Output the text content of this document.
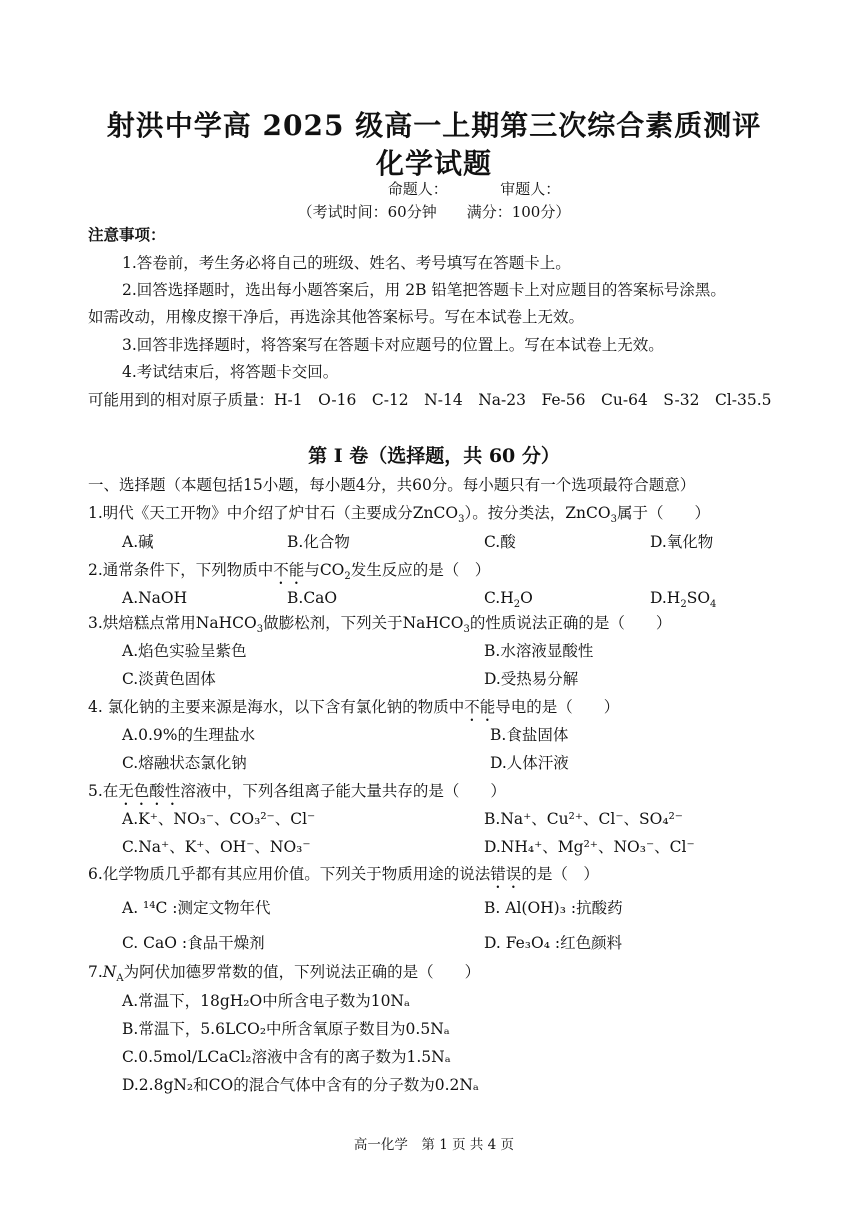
射洪中学高 2025 级高一上期第三次综合素质测评
化学试题
命题人：　　　　审题人：
（考试时间：60分钟　　满分：100分）
注意事项：
1.答卷前，考生务必将自己的班级、姓名、考号填写在答题卡上。
2.回答选择题时，选出每小题答案后，用 2B 铅笔把答题卡上对应题目的答案标号涂黑。
如需改动，用橡皮擦干净后，再选涂其他答案标号。写在本试卷上无效。
3.回答非选择题时，将答案写在答题卡对应题号的位置上。写在本试卷上无效。
4.考试结束后，将答题卡交回。
可能用到的相对原子质量：H-1　O-16　C-12　N-14　Na-23　Fe-56　Cu-64　S-32　Cl-35.5
第 I 卷（选择题，共 60 分）
一、选择题（本题包括15小题，每小题4分，共60分。每小题只有一个选项最符合题意）
1.明代《天工开物》中介绍了炉甘石（主要成分ZnCO$_3$）。按分类法，ZnCO$_3$属于（　　）
A.碱	B.化合物	C.酸	D.氧化物
2.通常条件下，下列物质中不能与$CO_2$发生反应的是（　）
A.NaOH	B.CaO	$C.H_2O$	$D.H_2SO_4$
3.烘焙糕点常用NaHCO$_3$做膨松剂，下列关于NaHCO$_3$的性质说法正确的是（　　）
A.焰色实验呈紫色	B.水溶液显酸性
C.淡黄色固体	D.受热易分解
4. 氯化钠的主要来源是海水，以下含有氯化钠的物质中不能导电的是（　　）
A.0.9%的生理盐水	B.食盐固体
C.熔融状态氯化钠	D.人体汗液
5.在无色酸性溶液中，下列各组离子能大量共存的是（　　）
A.K⁺、NO₃⁻、CO₃²⁻、Cl⁻	B.Na⁺、Cu²⁺、Cl⁻、SO₄²⁻
C.Na⁺、K⁺、OH⁻、NO₃⁻	D.NH₄⁺、Mg²⁺、NO₃⁻、Cl⁻
6.化学物质几乎都有其应用价值。下列关于物质用途的说法错误的是（　）
A. ¹⁴C :测定文物年代	B. Al(OH)₃ :抗酸药
C. CaO :食品干燥剂	D. Fe₃O₄ :红色颜料
$7.N_A$为阿伏加德罗常数的值，下列说法正确的是（　　）
A.常温下，18gH₂O中所含电子数为10Nₐ
B.常温下，5.6LCO₂中所含氧原子数目为0.5Nₐ
C.0.5mol/LCaCl₂溶液中含有的离子数为1.5Nₐ
D.2.8gN₂和CO的混合气体中含有的分子数为0.2Nₐ
高一化学　第 1 页 共 4 页
